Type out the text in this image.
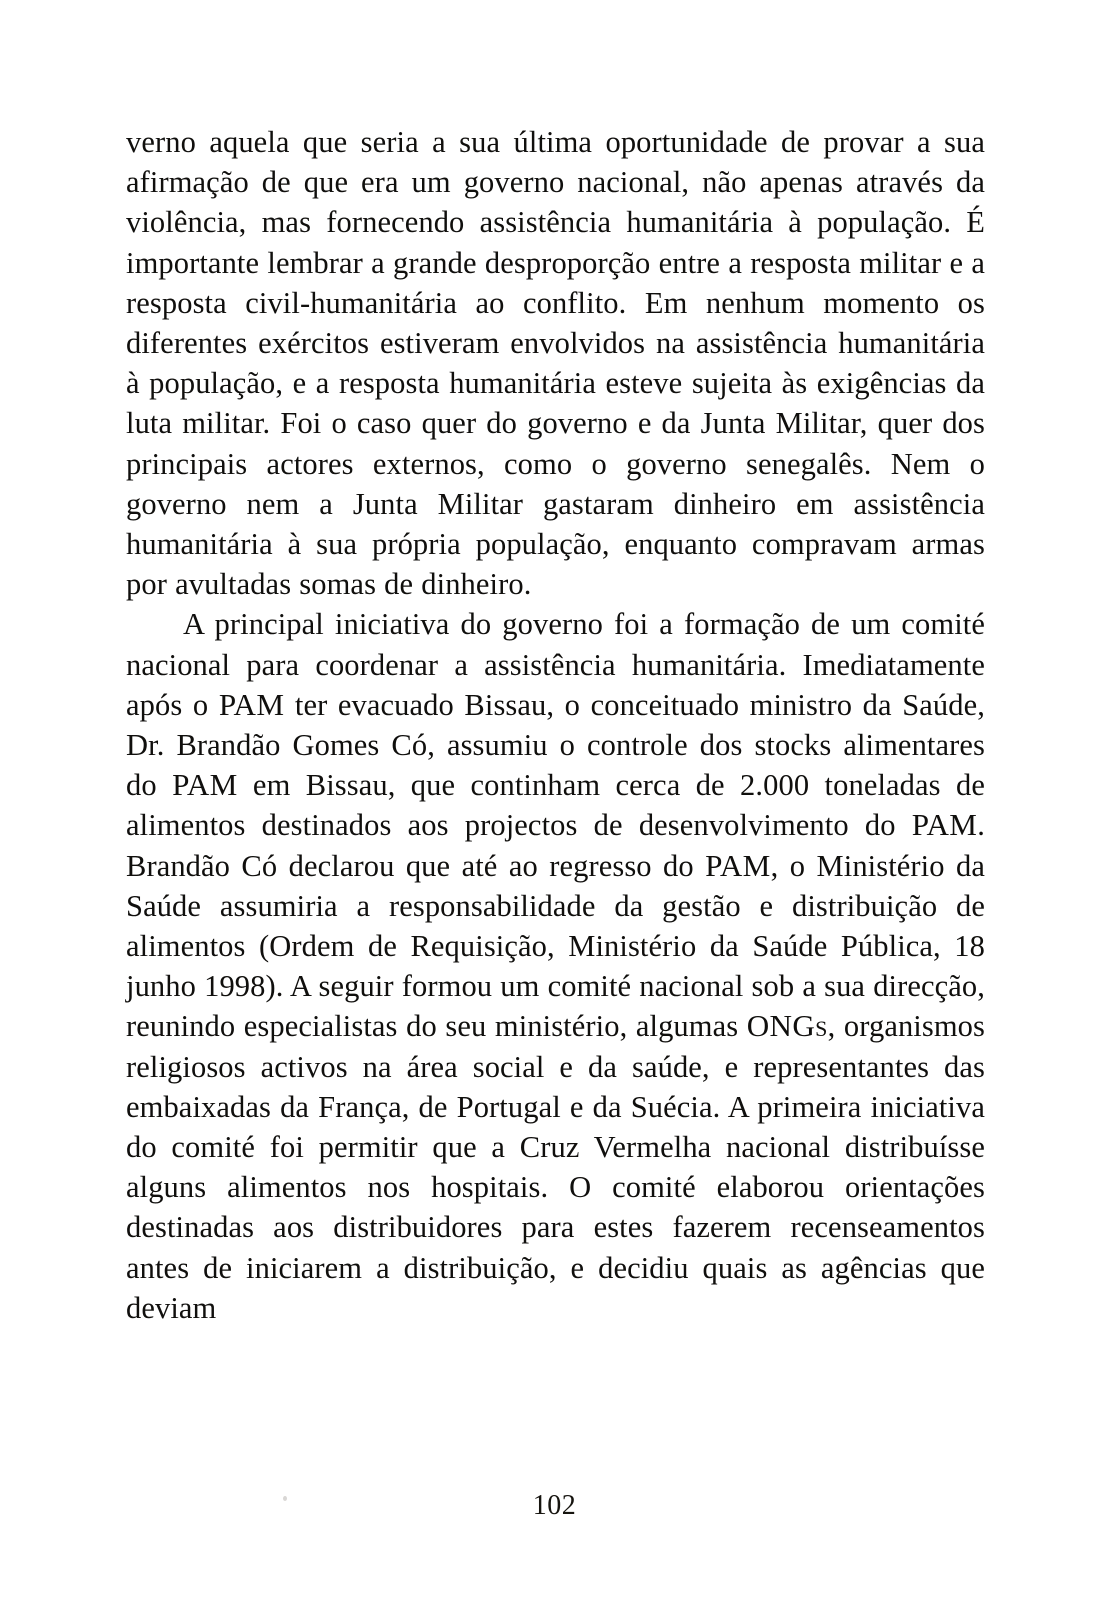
verno aquela que seria a sua última oportunidade de provar a sua afirmação de que era um governo nacional, não apenas através da violência, mas fornecendo assistência humanitária à população. É importante lembrar a grande desproporção entre a resposta militar e a resposta civil-humanitária ao conflito. Em nenhum momento os diferentes exércitos estiveram envolvidos na assistência humanitária à população, e a resposta humanitária esteve sujeita às exigências da luta militar. Foi o caso quer do governo e da Junta Militar, quer dos principais actores externos, como o governo senegalês. Nem o governo nem a Junta Militar gastaram dinheiro em assistência humanitária à sua própria população, enquanto compravam armas por avultadas somas de dinheiro.

A principal iniciativa do governo foi a formação de um comité nacional para coordenar a assistência humanitária. Imediatamente após o PAM ter evacuado Bissau, o conceituado ministro da Saúde, Dr. Brandão Gomes Có, assumiu o controle dos stocks alimentares do PAM em Bissau, que continham cerca de 2.000 toneladas de alimentos destinados aos projectos de desenvolvimento do PAM. Brandão Có declarou que até ao regresso do PAM, o Ministério da Saúde assumiria a responsabilidade da gestão e distribuição de alimentos (Ordem de Requisição, Ministério da Saúde Pública, 18 junho 1998). A seguir formou um comité nacional sob a sua direcção, reunindo especialistas do seu ministério, algumas ONGs, organismos religiosos activos na área social e da saúde, e representantes das embaixadas da França, de Portugal e da Suécia. A primeira iniciativa do comité foi permitir que a Cruz Vermelha nacional distribuísse alguns alimentos nos hospitais. O comité elaborou orientações destinadas aos distribuidores para estes fazerem recenseamentos antes de iniciarem a distribuição, e decidiu quais as agências que deviam

102
